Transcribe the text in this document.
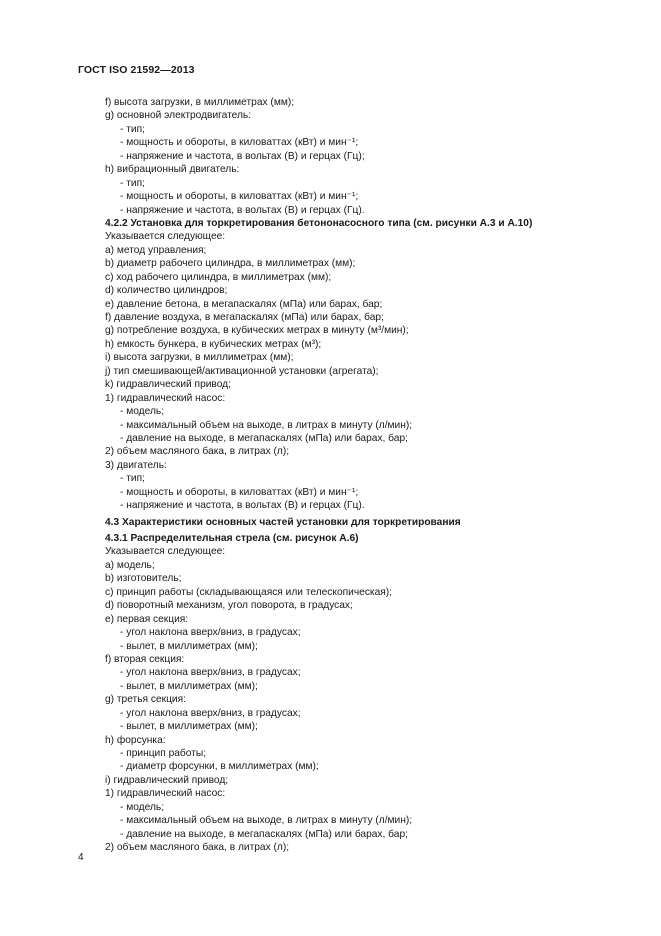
ГОСТ ISO 21592—2013
f) высота загрузки, в миллиметрах (мм);
g) основной электродвигатель:
- тип;
- мощность и обороты, в киловаттах (кВт) и мин⁻¹;
- напряжение и частота, в вольтах (В) и герцах (Гц);
h) вибрационный двигатель:
- тип;
- мощность и обороты, в киловаттах (кВт) и мин⁻¹;
- напряжение и частота, в вольтах (В) и герцах (Гц).
4.2.2 Установка для торкретирования бетононасосного типа (см. рисунки А.3 и А.10)
Указывается следующее:
a) метод управления;
b) диаметр рабочего цилиндра, в миллиметрах (мм);
c) ход рабочего цилиндра, в миллиметрах (мм);
d) количество цилиндров;
e) давление бетона, в мегапаскалях (мПа) или барах, бар;
f) давление воздуха, в мегапаскалях (мПа) или барах, бар;
g) потребление воздуха, в кубических метрах в минуту (м³/мин);
h) емкость бункера, в кубических метрах (м³);
i) высота загрузки, в миллиметрах (мм);
j) тип смешивающей/активационной установки (агрегата);
k) гидравлический привод;
1) гидравлический насос:
- модель;
- максимальный объем на выходе, в литрах в минуту (л/мин);
- давление на выходе, в мегапаскалях (мПа) или барах, бар;
2) объем масляного бака, в литрах (л);
3) двигатель:
- тип;
- мощность и обороты, в киловаттах (кВт) и мин⁻¹;
- напряжение и частота, в вольтах (В) и герцах (Гц).
4.3 Характеристики основных частей установки для торкретирования
4.3.1 Распределительная стрела (см. рисунок А.6)
Указывается следующее:
a) модель;
b) изготовитель;
c) принцип работы (складывающаяся или телескопическая);
d) поворотный механизм, угол поворота, в градусах;
e) первая секция:
- угол наклона вверх/вниз, в градусах;
- вылет, в миллиметрах (мм);
f) вторая секция:
- угол наклона вверх/вниз, в градусах;
- вылет, в миллиметрах (мм);
g) третья секция:
- угол наклона вверх/вниз, в градусах;
- вылет, в миллиметрах (мм);
h) форсунка:
- принцип работы;
- диаметр форсунки, в миллиметрах (мм);
i) гидравлический привод;
1) гидравлический насос:
- модель;
- максимальный объем на выходе, в литрах в минуту (л/мин);
- давление на выходе, в мегапаскалях (мПа) или барах, бар;
2) объем масляного бака, в литрах (л);
4
